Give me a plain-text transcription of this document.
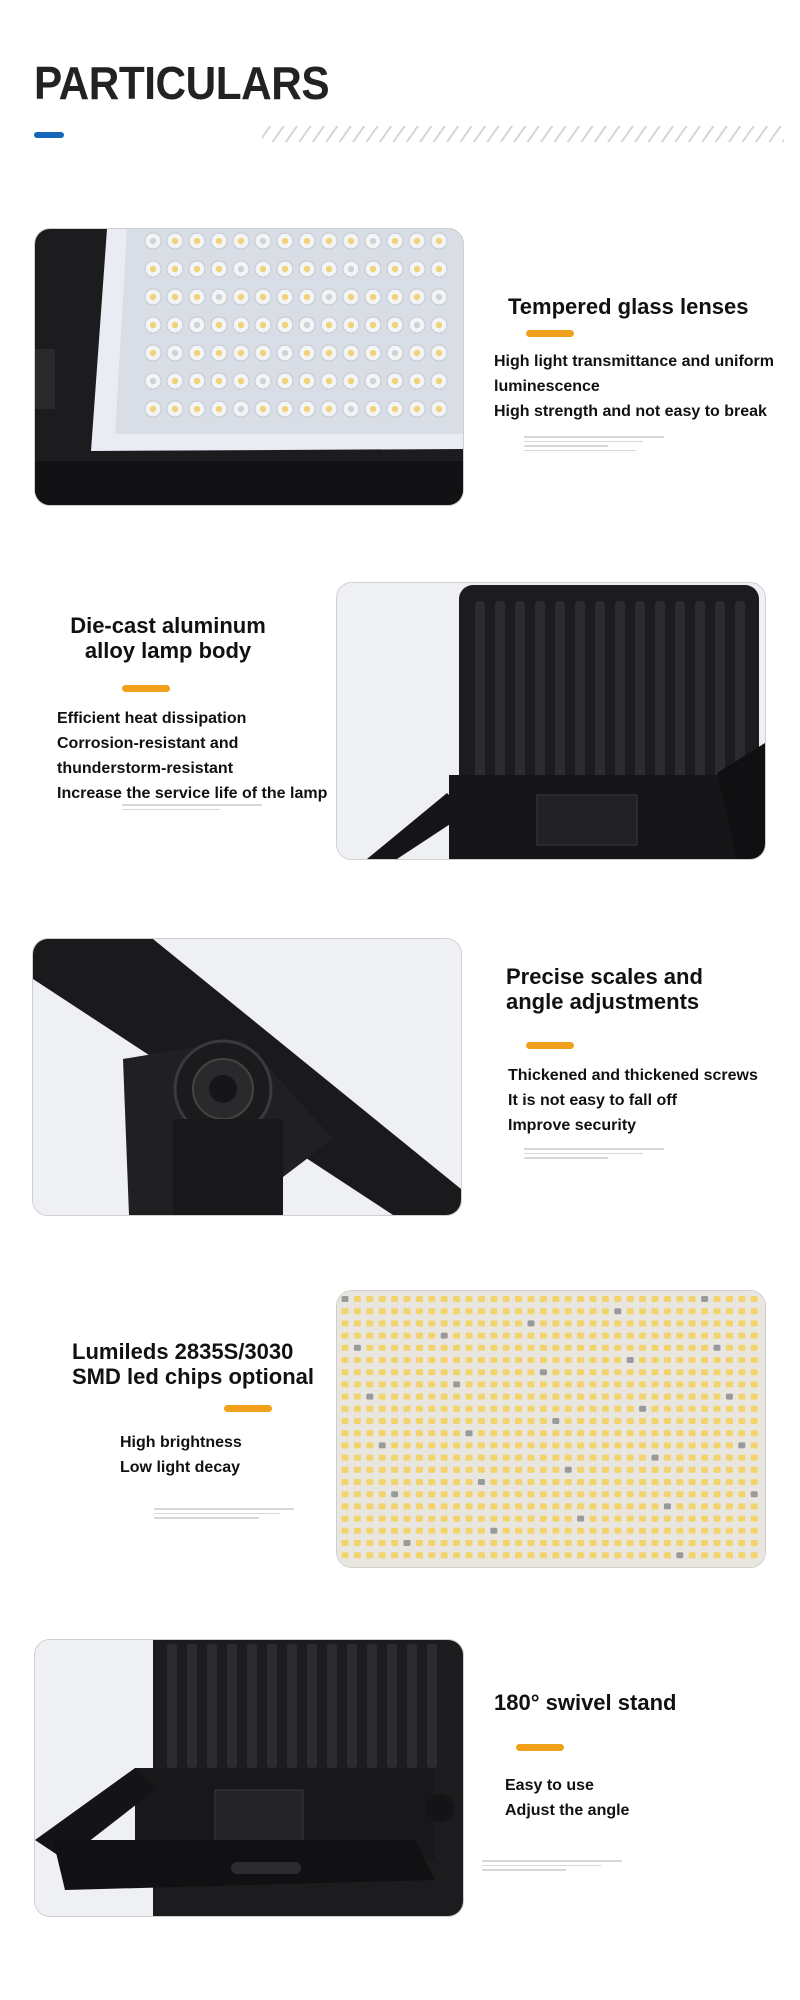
PARTICULARS
Tempered glass lenses
High light transmittance and uniform
luminescence
High strength and not easy to break
Die-cast aluminum
alloy lamp body
Efficient heat dissipation
Corrosion-resistant and
thunderstorm-resistant
Increase the service life of the lamp
Precise scales and
angle adjustments
Thickened and thickened screws
It is not easy to fall off
Improve security
Lumileds 2835S/3030
SMD led chips optional
High brightness
Low light decay
180° swivel stand
Easy to use
Adjust the angle
